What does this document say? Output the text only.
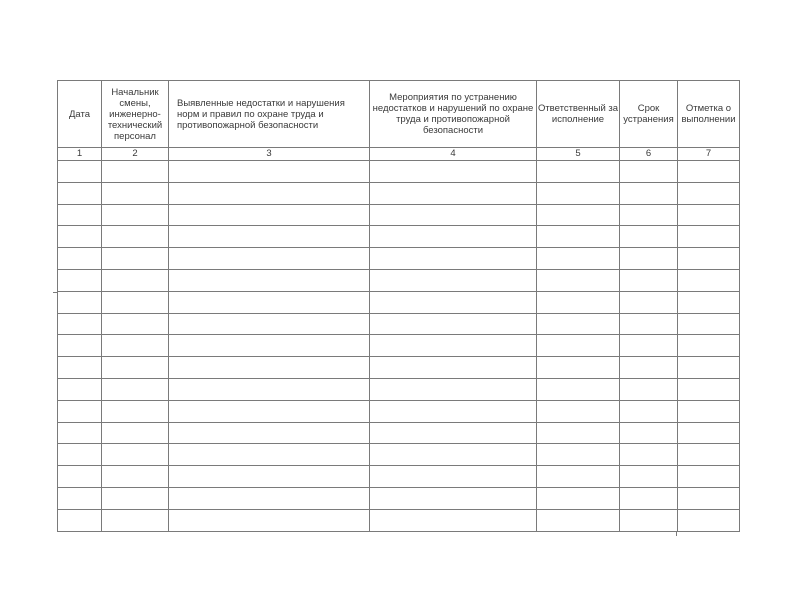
Дата	Начальник смены, инженерно-технический персонал	Выявленные недостатки и нарушения норм и правил по охране труда и противопожарной безопасности	Мероприятия по устранению недостатков и нарушений по охране труда и противопожарной безопасности	Ответственный за исполнение	Срок устранения	Отметка о выполнении
1	2	3	4	5	6	7
